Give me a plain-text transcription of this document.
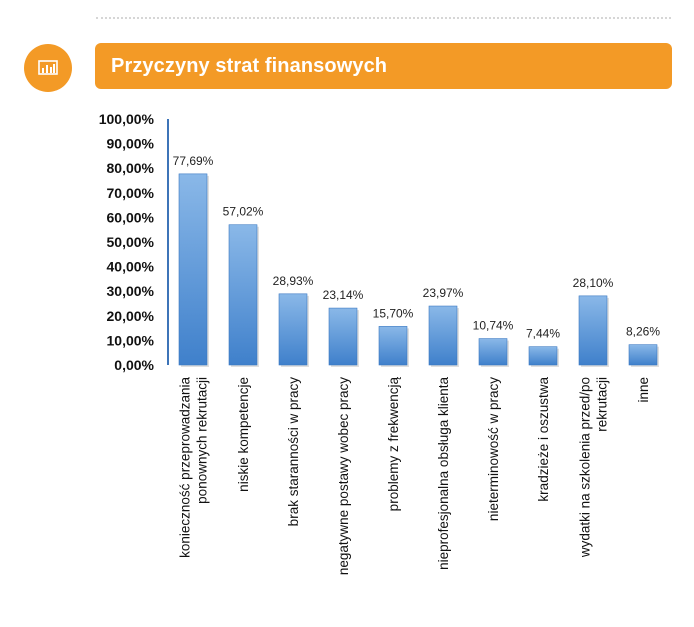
Przyczyny strat finansowych
0,00%
10,00%
20,00%
30,00%
40,00%
50,00%
60,00%
70,00%
80,00%
90,00%
100,00%
77,69%
57,02%
28,93%
23,14%
15,70%
23,97%
10,74%
7,44%
28,10%
8,26%
konieczność przeprowadzania ponownych rekrutacji niskie kompetencje	brak staranności w pracy	negatywne postawy wobec pracy	problemy z frekwencją	nieprofesjonalna obsługa klienta	nieterminowość w pracy	kradzieże i oszustwa wydatki na szkolenia przed/po rekrutacji inne
